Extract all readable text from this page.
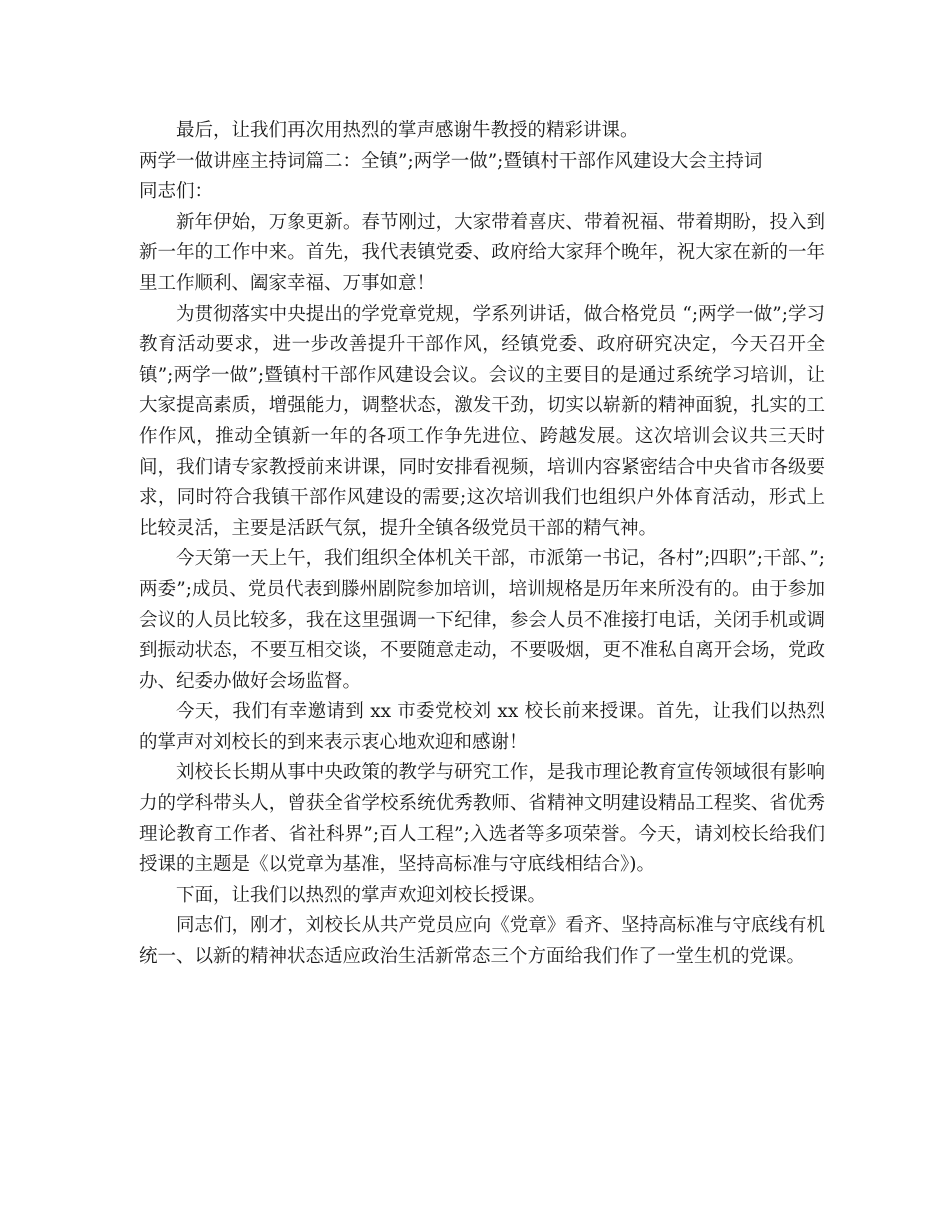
最后，让我们再次用热烈的掌声感谢牛教授的精彩讲课。

两学一做讲座主持词篇二：全镇”;两学一做”;暨镇村干部作风建设大会主持词

同志们：

新年伊始，万象更新。春节刚过，大家带着喜庆、带着祝福、带着期盼，投入到新一年的工作中来。首先，我代表镇党委、政府给大家拜个晚年，祝大家在新的一年里工作顺利、阖家幸福、万事如意！

为贯彻落实中央提出的学党章党规，学系列讲话，做合格党员 “;两学一做”;学习教育活动要求，进一步改善提升干部作风，经镇党委、政府研究决定，今天召开全镇”;两学一做”;暨镇村干部作风建设会议。会议的主要目的是通过系统学习培训，让大家提高素质，增强能力，调整状态，激发干劲，切实以崭新的精神面貌，扎实的工作作风，推动全镇新一年的各项工作争先进位、跨越发展。这次培训会议共三天时间，我们请专家教授前来讲课，同时安排看视频，培训内容紧密结合中央省市各级要求，同时符合我镇干部作风建设的需要;这次培训我们也组织户外体育活动，形式上比较灵活，主要是活跃气氛，提升全镇各级党员干部的精气神。

今天第一天上午，我们组织全体机关干部，市派第一书记，各村”;四职”;干部、”;两委”;成员、党员代表到滕州剧院参加培训，培训规格是历年来所没有的。由于参加会议的人员比较多，我在这里强调一下纪律，参会人员不准接打电话，关闭手机或调到振动状态，不要互相交谈，不要随意走动，不要吸烟，更不准私自离开会场，党政办、纪委办做好会场监督。

今天，我们有幸邀请到 xx 市委党校刘 xx 校长前来授课。首先，让我们以热烈的掌声对刘校长的到来表示衷心地欢迎和感谢！

刘校长长期从事中央政策的教学与研究工作，是我市理论教育宣传领域很有影响力的学科带头人，曾获全省学校系统优秀教师、省精神文明建设精品工程奖、省优秀理论教育工作者、省社科界”;百人工程”;入选者等多项荣誉。今天，请刘校长给我们授课的主题是《以党章为基准，坚持高标准与守底线相结合》)。

下面，让我们以热烈的掌声欢迎刘校长授课。

同志们，刚才，刘校长从共产党员应向《党章》看齐、坚持高标准与守底线有机统一、以新的精神状态适应政治生活新常态三个方面给我们作了一堂生机的党课。
